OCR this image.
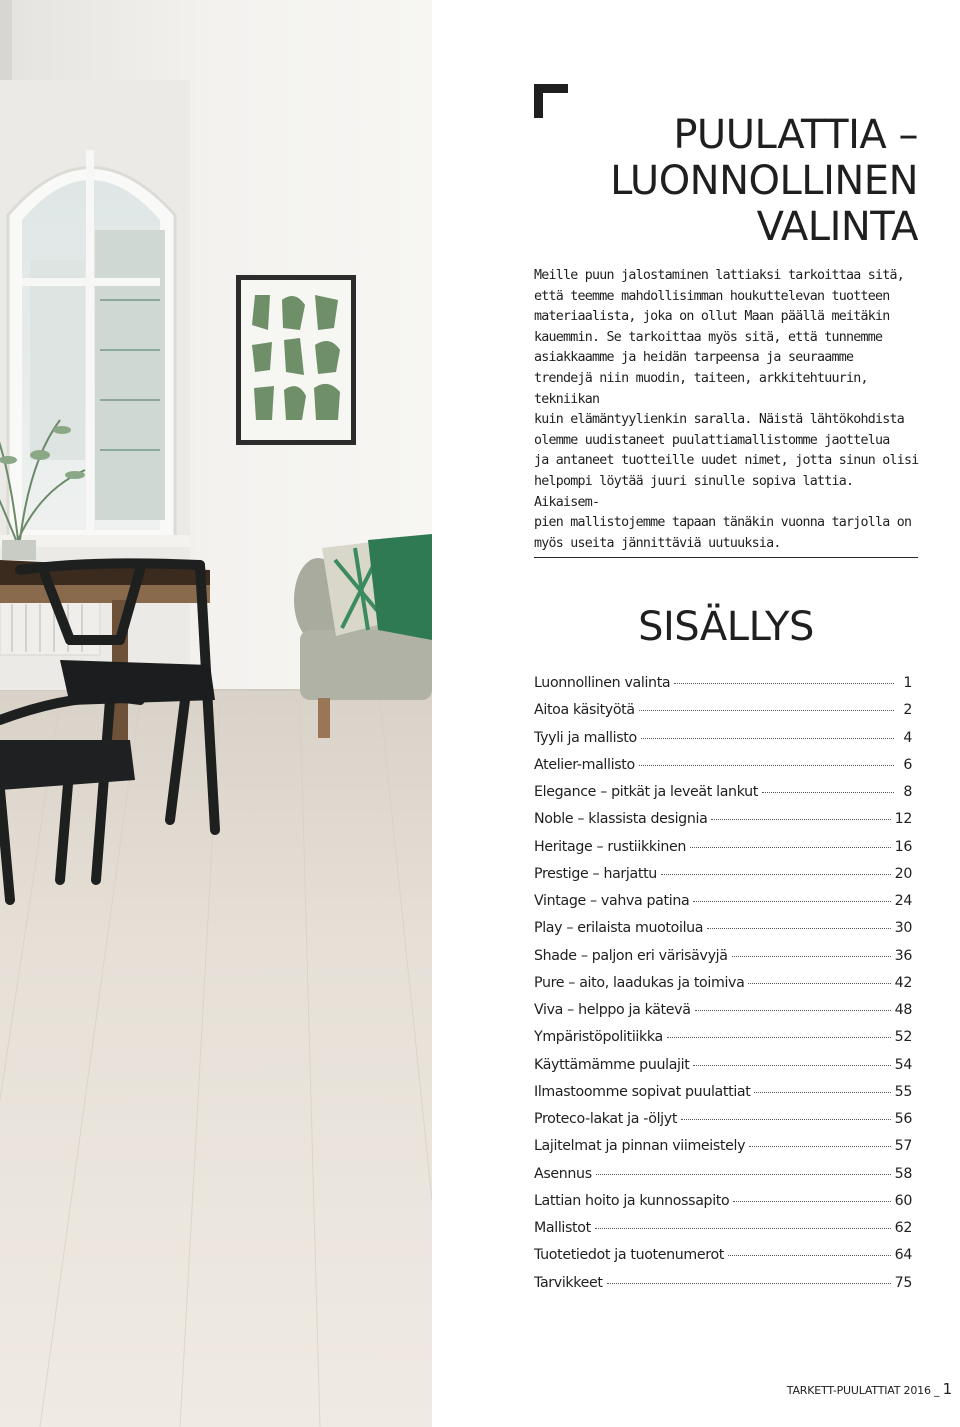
PUULATTIA –
LUONNOLLINEN
VALINTA

Meille puun jalostaminen lattiaksi tarkoittaa sitä,
että teemme mahdollisimman houkuttelevan tuotteen
materiaalista, joka on ollut Maan päällä meitäkin
kauemmin. Se tarkoittaa myös sitä, että tunnemme
asiakkaamme ja heidän tarpeensa ja seuraamme
trendejä niin muodin, taiteen, arkkitehtuurin, tekniikan
kuin elämäntyylienkin saralla. Näistä lähtökohdista
olemme uudistaneet puulattiamallistomme jaottelua
ja antaneet tuotteille uudet nimet, jotta sinun olisi
helpompi löytää juuri sinulle sopiva lattia. Aikaisem-
pien mallistojemme tapaan tänäkin vuonna tarjolla on
myös useita jännittäviä uutuuksia.

SISÄLLYS
Luonnollinen valinta	1
Aitoa käsityötä	2
Tyyli ja mallisto	4
Atelier-mallisto	6
Elegance – pitkät ja leveät lankut	8
Noble – klassista designia	12
Heritage – rustiikkinen	16
Prestige – harjattu	20
Vintage – vahva patina	24
Play – erilaista muotoilua	30
Shade – paljon eri värisävyjä	36
Pure – aito, laadukas ja toimiva	42
Viva – helppo ja kätevä	48
Ympäristöpolitiikka	52
Käyttämämme puulajit	54
Ilmastoomme sopivat puulattiat	55
Proteco-lakat ja -öljyt	56
Lajitelmat ja pinnan viimeistely	57
Asennus	58
Lattian hoito ja kunnossapito	60
Mallistot	62
Tuotetiedot ja tuotenumerot	64
Tarvikkeet	75
TARKETT-PUULATTIAT 2016 _ 1
